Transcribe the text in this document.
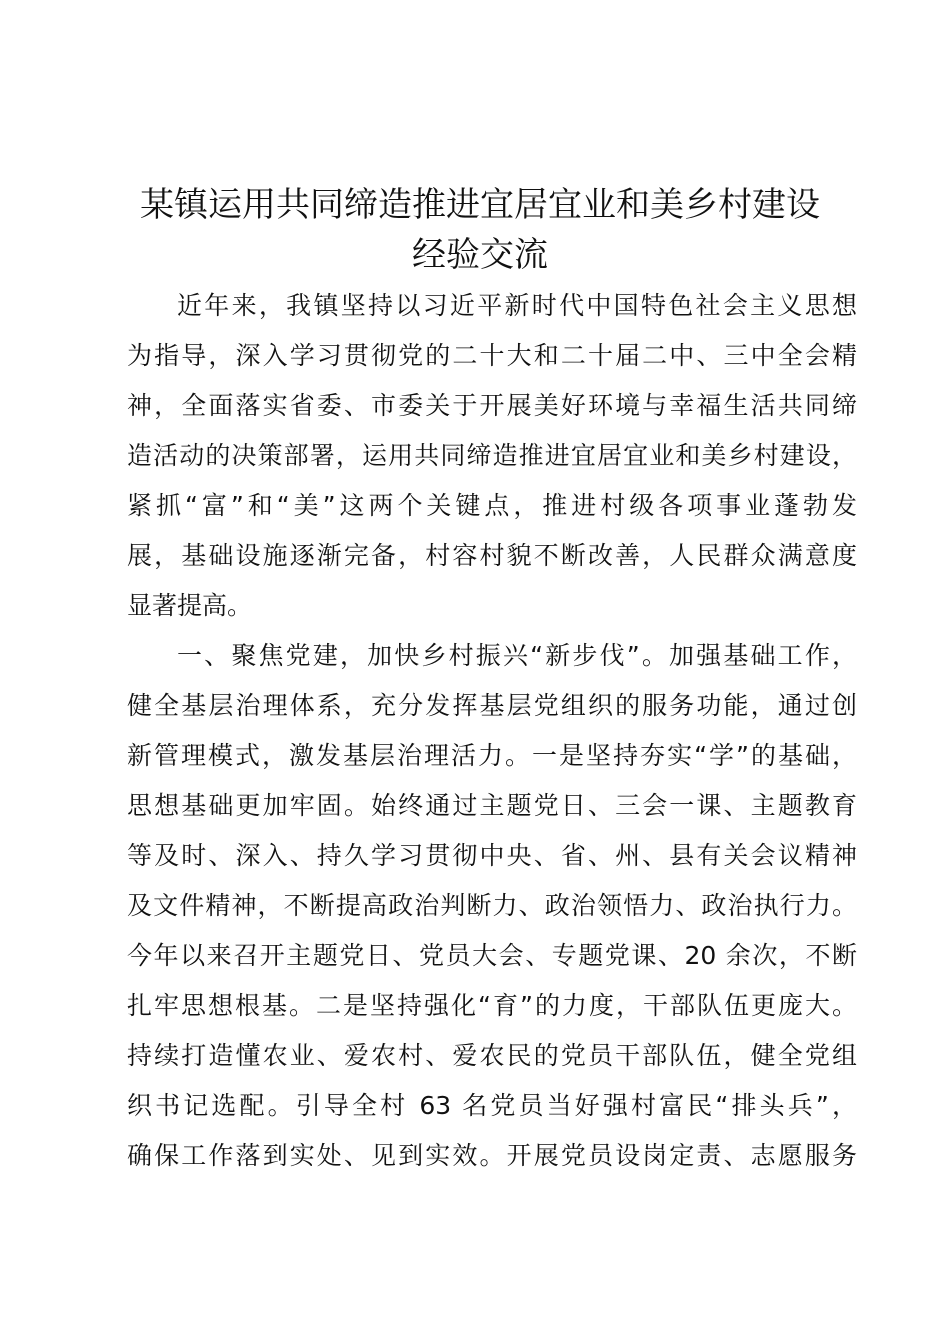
某镇运用共同缔造推进宜居宜业和美乡村建设
经验交流
近年来，我镇坚持以习近平新时代中国特色社会主义思想
为指导，深入学习贯彻党的二十大和二十届二中、三中全会精
神，全面落实省委、市委关于开展美好环境与幸福生活共同缔
造活动的决策部署，运用共同缔造推进宜居宜业和美乡村建设，
紧抓“富”和“美”这两个关键点，推进村级各项事业蓬勃发
展，基础设施逐渐完备，村容村貌不断改善，人民群众满意度
显著提高。
一、聚焦党建，加快乡村振兴“新步伐”。加强基础工作，
健全基层治理体系，充分发挥基层党组织的服务功能，通过创
新管理模式，激发基层治理活力。一是坚持夯实“学”的基础，
思想基础更加牢固。始终通过主题党日、三会一课、主题教育
等及时、深入、持久学习贯彻中央、省、州、县有关会议精神
及文件精神，不断提高政治判断力、政治领悟力、政治执行力。
今年以来召开主题党日、党员大会、专题党课、20 余次，不断
扎牢思想根基。二是坚持强化“育”的力度，干部队伍更庞大。
持续打造懂农业、爱农村、爱农民的党员干部队伍，健全党组
织书记选配。引导全村 63 名党员当好强村富民“排头兵”，
确保工作落到实处、见到实效。开展党员设岗定责、志愿服务
